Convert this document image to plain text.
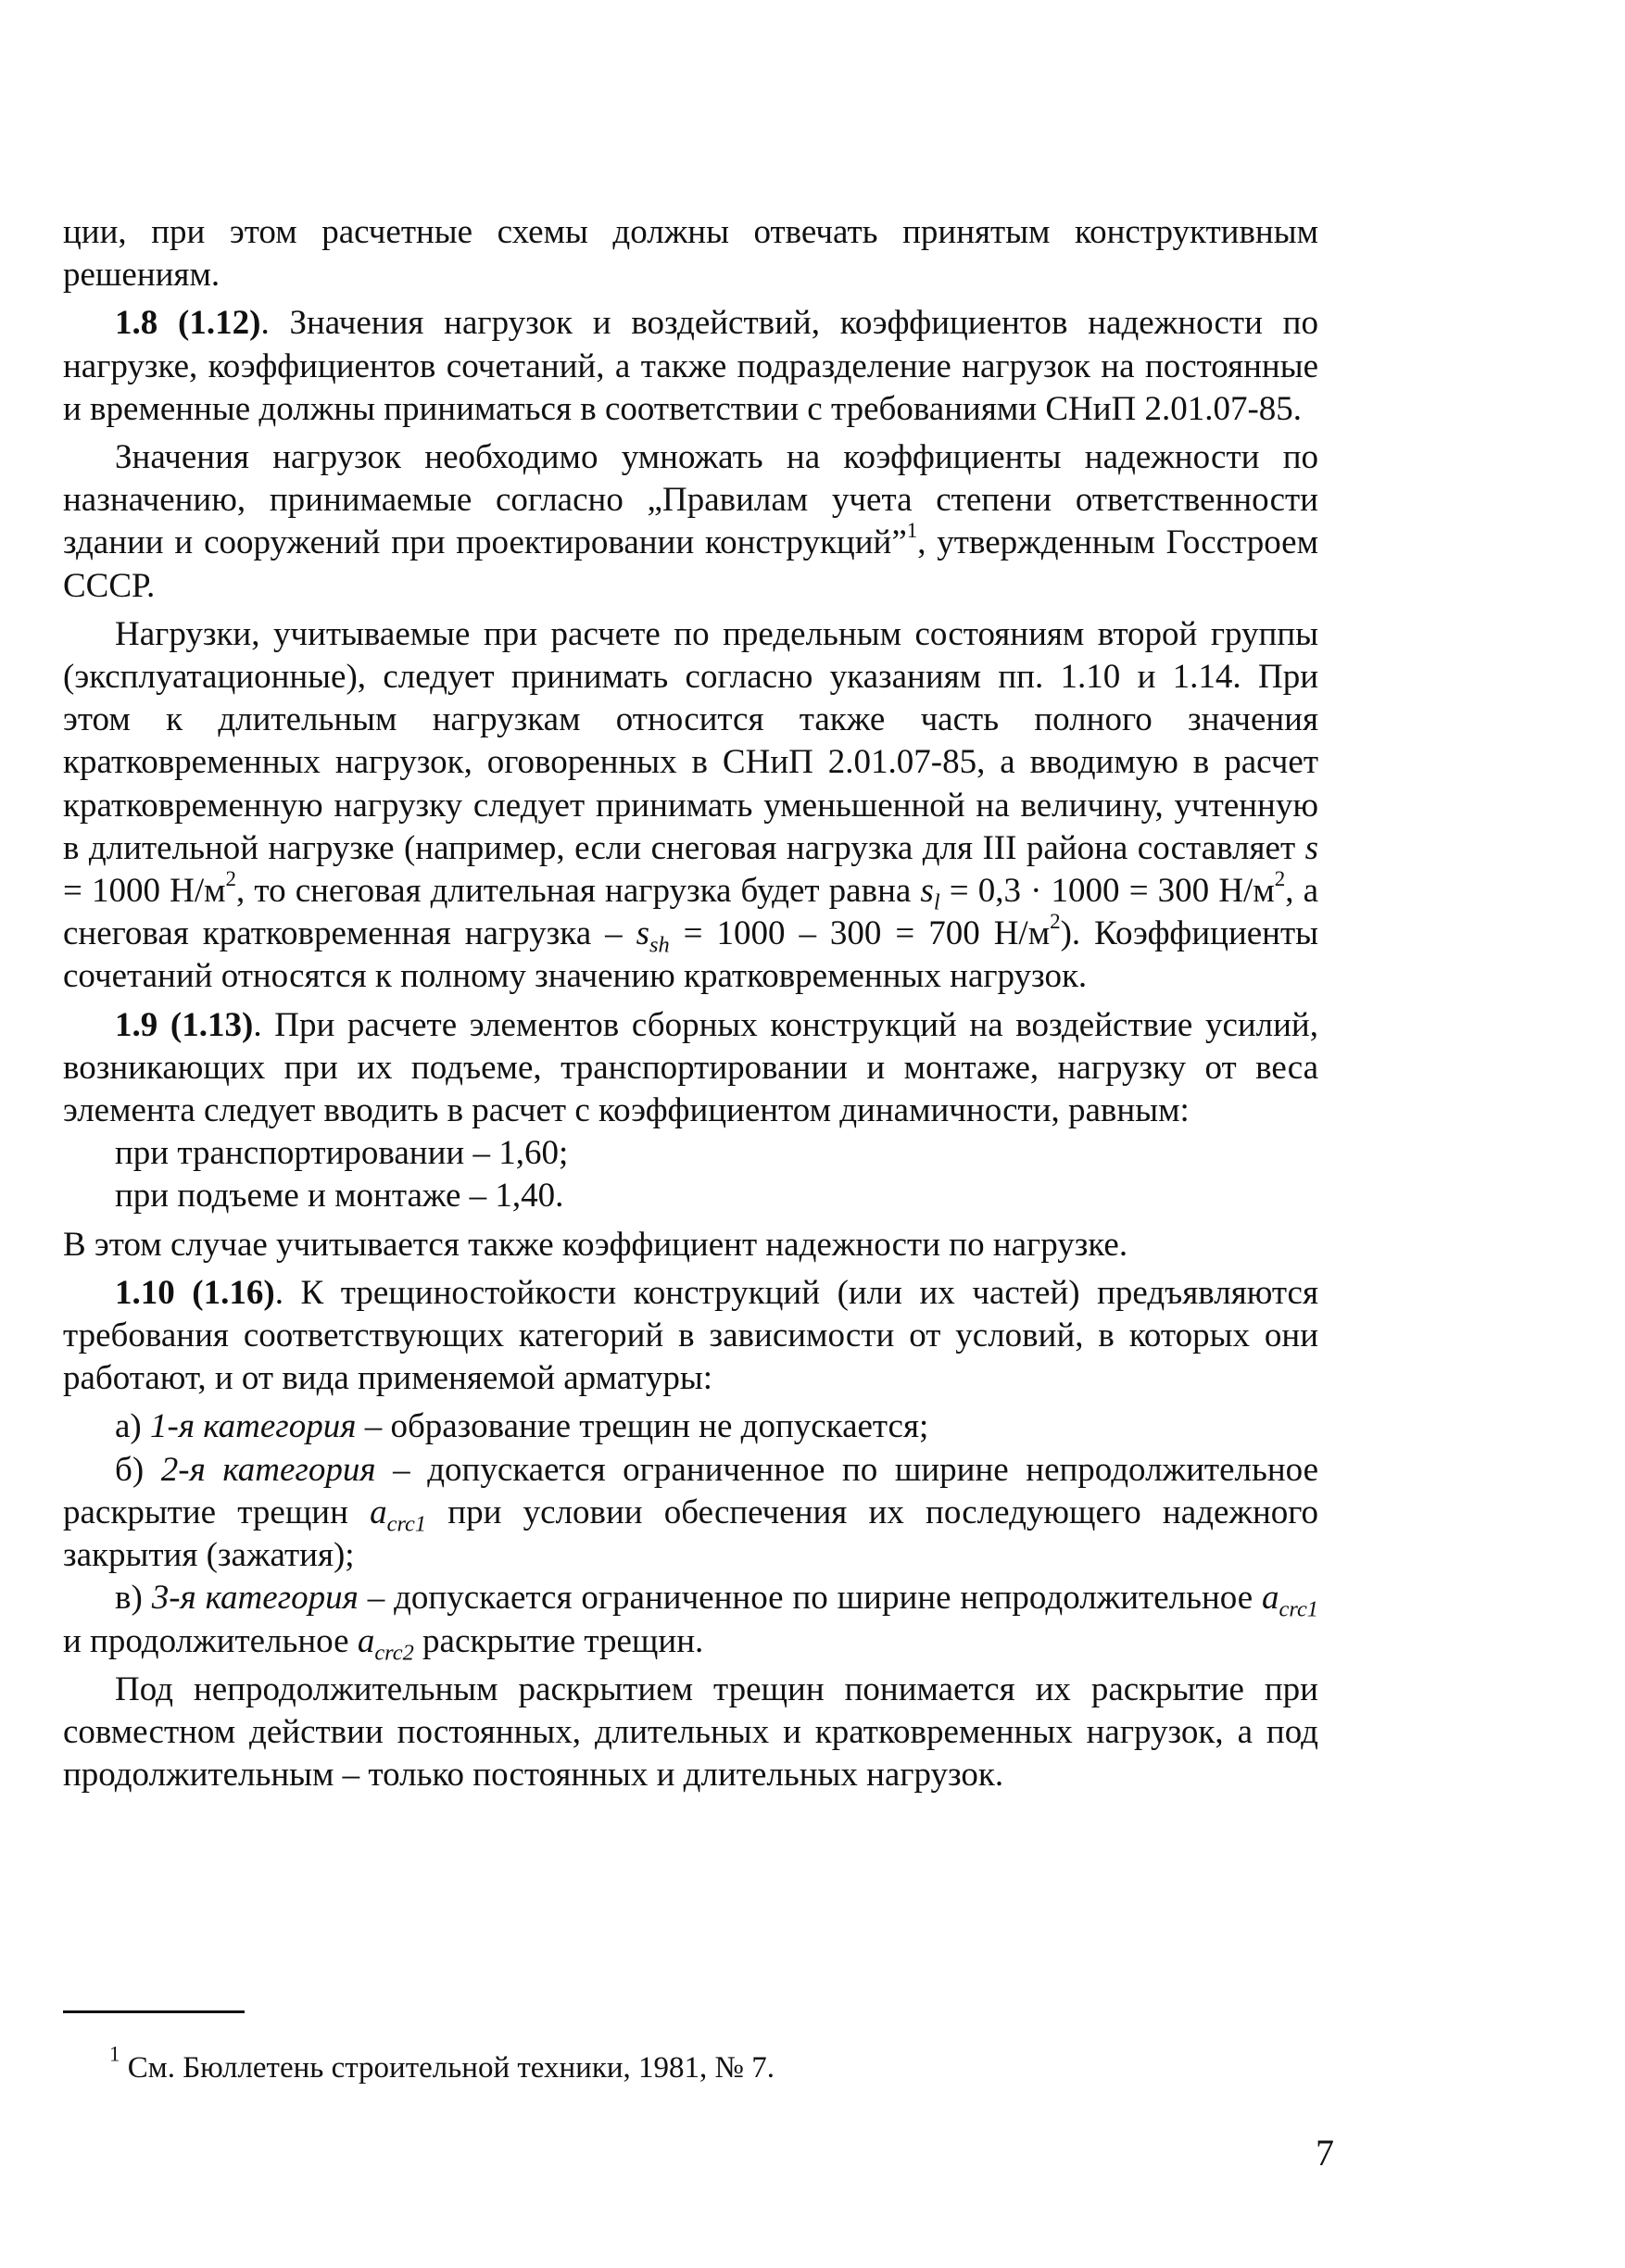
ции, при этом расчетные схемы должны отвечать принятым конструктивным решениям.

1.8 (1.12). Значения нагрузок и воздействий, коэффициентов надежности по нагрузке, коэффициентов сочетаний, а также подразделение нагрузок на постоянные и временные должны приниматься в соответствии с требованиями СНиП 2.01.07-85.

Значения нагрузок необходимо умножать на коэффициенты надежности по назначению, принимаемые согласно „Правилам учета степени ответственности здании и сооружений при проектировании конструкций”$^1$, утвержденным Госстроем СССР.

Нагрузки, учитываемые при расчете по предельным состояниям второй группы (эксплуатационные), следует принимать согласно указаниям пп. 1.10 и 1.14. При этом к длительным нагрузкам относится также часть полного значения кратковременных нагрузок, оговоренных в СНиП 2.01.07-85, а вводимую в расчет кратковременную нагрузку следует принимать уменьшенной на величину, учтенную в длительной нагрузке (например, если снеговая нагрузка для III района составляет s = 1000 $Н/м^2$, то снеговая длительная нагрузка будет равна $s_l = 0,3 \cdot 1000 = 300$ $Н/м^2$, а снеговая кратковременная нагрузка – $s_{sh} = 1000 - 300 = 700$ $Н/м^2$). Коэффициенты сочетаний относятся к полному значению кратковременных нагрузок.

1.9 (1.13). При расчете элементов сборных конструкций на воздействие усилий, возникающих при их подъеме, транспортировании и монтаже, нагрузку от веса элемента следует вводить в расчет с коэффициентом динамичности, равным:

при транспортировании – 1,60;

при подъеме и монтаже – 1,40.

В этом случае учитывается также коэффициент надежности по нагрузке.

1.10 (1.16). К трещиностойкости конструкций (или их частей) предъявляются требования соответствующих категорий в зависимости от условий, в которых они работают, и от вида применяемой арматуры:

а) 1-я категория – образование трещин не допускается;

б) 2-я категория – допускается ограниченное по ширине непродолжительное раскрытие трещин $a_{crc1}$ при условии обеспечения их последующего надежного закрытия (зажатия);

в) 3-я категория – допускается ограниченное по ширине непродолжительное $a_{crc1}$ и продолжительное $a_{crc2}$ раскрытие трещин.

Под непродолжительным раскрытием трещин понимается их раскрытие при совместном действии постоянных, длительных и кратковременных нагрузок, а под продолжительным – только постоянных и длительных нагрузок.

$^1$ См. Бюллетень строительной техники, 1981, № 7.
7
